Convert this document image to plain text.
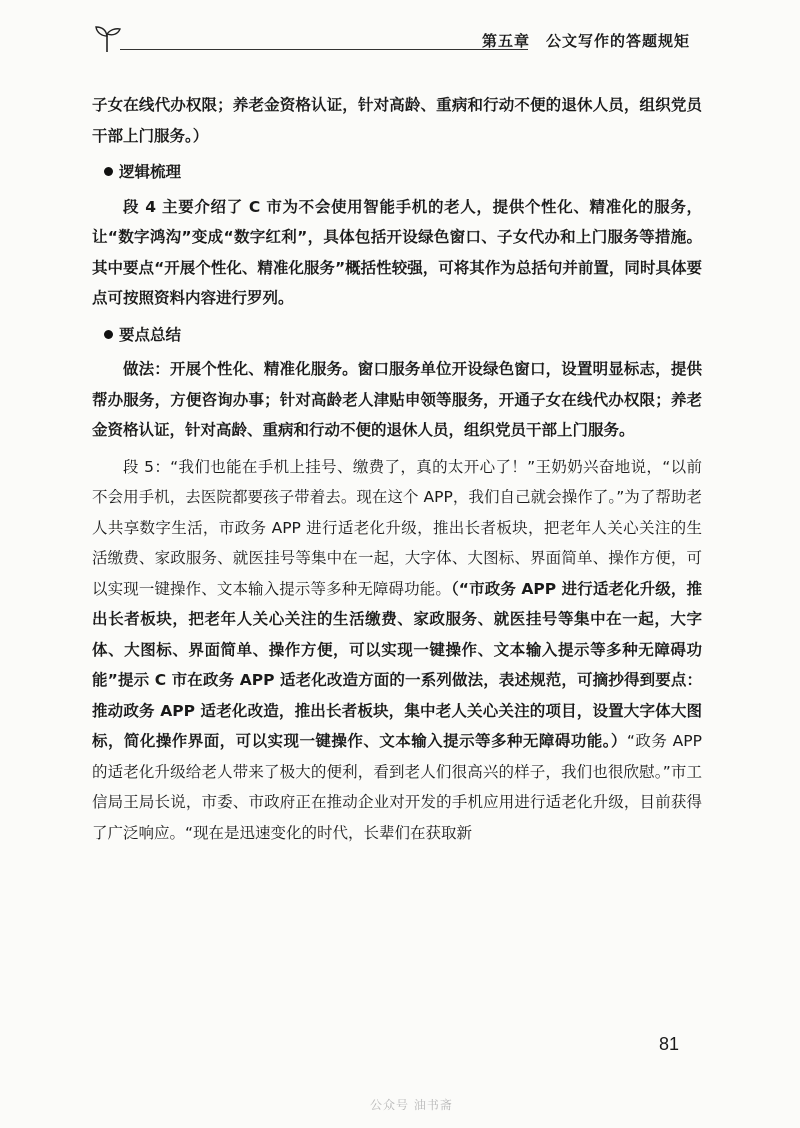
第五章 公文写作的答题规矩

子女在线代办权限；养老金资格认证，针对高龄、重病和行动不便的退休人员，组织党员干部上门服务。）

逻辑梳理

段 4 主要介绍了 C 市为不会使用智能手机的老人，提供个性化、精准化的服务，让“数字鸿沟”变成“数字红利”，具体包括开设绿色窗口、子女代办和上门服务等措施。其中要点“开展个性化、精准化服务”概括性较强，可将其作为总括句并前置，同时具体要点可按照资料内容进行罗列。

要点总结

做法：开展个性化、精准化服务。窗口服务单位开设绿色窗口，设置明显标志，提供帮办服务，方便咨询办事；针对高龄老人津贴申领等服务，开通子女在线代办权限；养老金资格认证，针对高龄、重病和行动不便的退休人员，组织党员干部上门服务。

段 5：“我们也能在手机上挂号、缴费了，真的太开心了！”王奶奶兴奋地说，“以前不会用手机，去医院都要孩子带着去。现在这个 APP，我们自己就会操作了。”为了帮助老人共享数字生活，市政务 APP 进行适老化升级，推出长者板块，把老年人关心关注的生活缴费、家政服务、就医挂号等集中在一起，大字体、大图标、界面简单、操作方便，可以实现一键操作、文本输入提示等多种无障碍功能。（“市政务 APP 进行适老化升级，推出长者板块，把老年人关心关注的生活缴费、家政服务、就医挂号等集中在一起，大字体、大图标、界面简单、操作方便，可以实现一键操作、文本输入提示等多种无障碍功能”提示 C 市在政务 APP 适老化改造方面的一系列做法，表述规范，可摘抄得到要点：推动政务 APP 适老化改造，推出长者板块，集中老人关心关注的项目，设置大字体大图标，简化操作界面，可以实现一键操作、文本输入提示等多种无障碍功能。）“政务 APP 的适老化升级给老人带来了极大的便利，看到老人们很高兴的样子，我们也很欣慰。”市工信局王局长说，市委、市政府正在推动企业对开发的手机应用进行适老化升级，目前获得了广泛响应。“现在是迅速变化的时代，长辈们在获取新

81
公众号 油书斋
